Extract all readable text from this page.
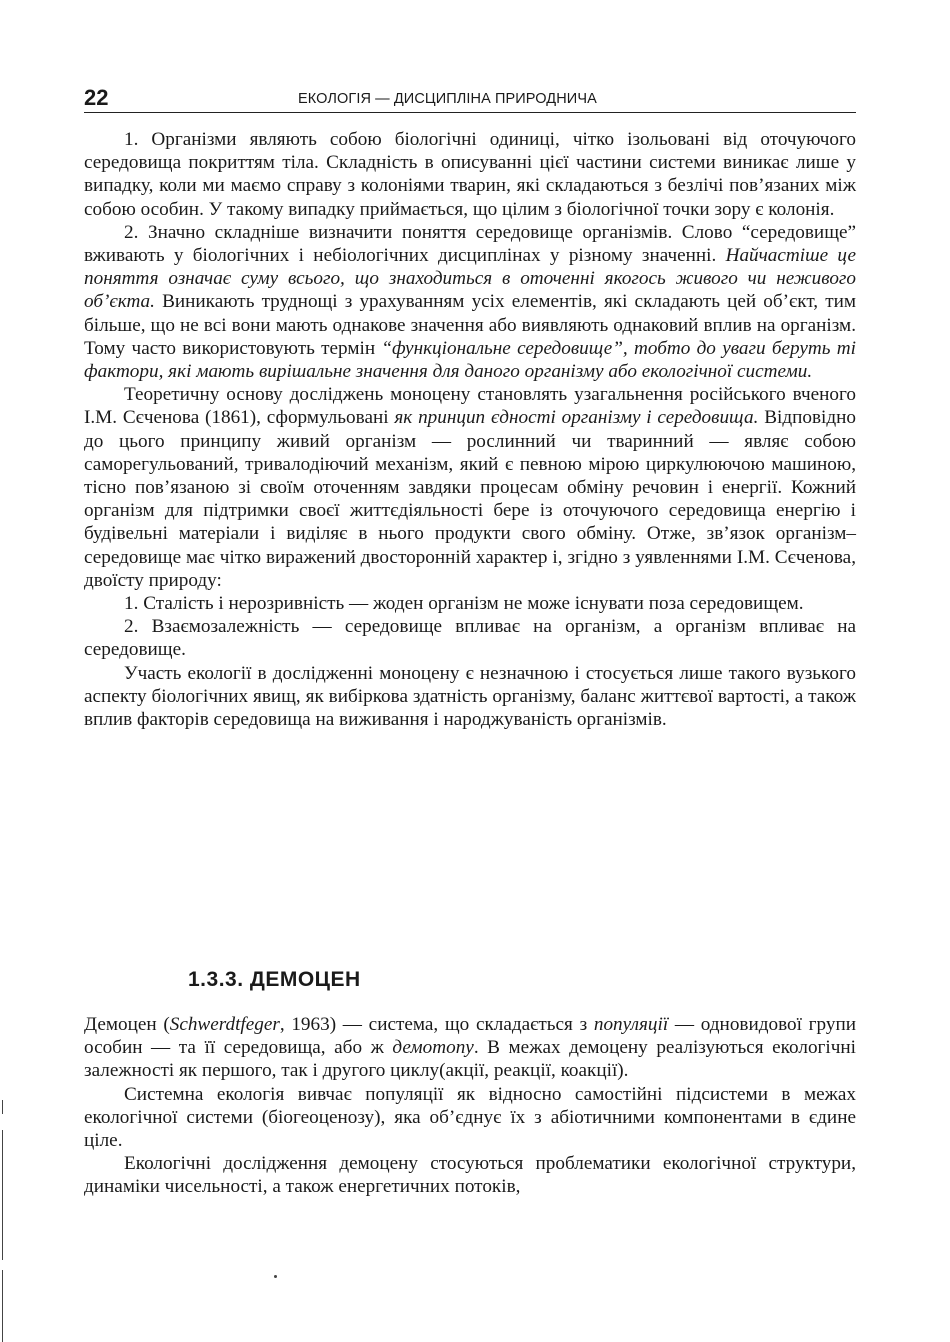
22	ЕКОЛОГІЯ — ДИСЦИПЛІНА ПРИРОДНИЧА

1. Організми являють собою біологічні одиниці, чітко ізольовані від оточуючого середовища покриттям тіла. Складність в описуванні цієї частини системи виникає лише у випадку, коли ми маємо справу з колоніями тварин, які складаються з безлічі пов’язаних між собою особин. У такому випадку приймається, що цілим з біологічної точки зору є колонія.

2. Значно складніше визначити поняття середовище організмів. Слово “середовище” вживають у біологічних і небіологічних дисциплінах у різному значенні. Найчастіше це поняття означає суму всього, що знаходиться в оточенні якогось живого чи неживого об’єкта. Виникають труднощі з урахуванням усіх елементів, які складають цей об’єкт, тим більше, що не всі вони мають однакове значення або виявляють однаковий вплив на організм. Тому часто використовують термін “функціональне середовище”, тобто до уваги беруть ті фактори, які мають вирішальне значення для даного організму або екологічної системи.

Теоретичну основу досліджень моноцену становлять узагальнення російського вченого І.М. Сєченова (1861), сформульовані як принцип єдності організму і середовища. Відповідно до цього принципу живий організм — рослинний чи тваринний — являє собою саморегульований, тривалодіючий механізм, який є певною мірою циркулюючою машиною, тісно пов’язаною зі своїм оточенням завдяки процесам обміну речовин і енергії. Кожний організм для підтримки своєї життєдіяльності бере із оточуючого середовища енергію і будівельні матеріали і виділяє в нього продукти свого обміну. Отже, зв’язок організм–середовище має чітко виражений двосторонній характер і, згідно з уявленнями І.М. Сєченова, двоїсту природу:

1. Сталість і нерозривність — жоден організм не може існувати поза середовищем.

2. Взаємозалежність — середовище впливає на організм, а організм впливає на середовище.

Участь екології в дослідженні моноцену є незначною і стосується лише такого вузького аспекту біологічних явищ, як вибіркова здатність організму, баланс життєвої вартості, а також вплив факторів середовища на виживання і народжуваність організмів.

1.3.3. ДЕМОЦЕН

Демоцен (Schwerdtfeger, 1963) — система, що складається з популяції — одновидової групи особин — та її середовища, або ж демотопу. В межах демоцену реалізуються екологічні залежності як першого, так і другого циклу(акції, реакції, коакції).

Системна екологія вивчає популяції як відносно самостійні підсистеми в межах екологічної системи (біогеоценозу), яка об’єднує їх з абіотичними компонентами в єдине ціле.

Екологічні дослідження демоцену стосуються проблематики екологічної структури, динаміки чисельності, а також енергетичних потоків,
